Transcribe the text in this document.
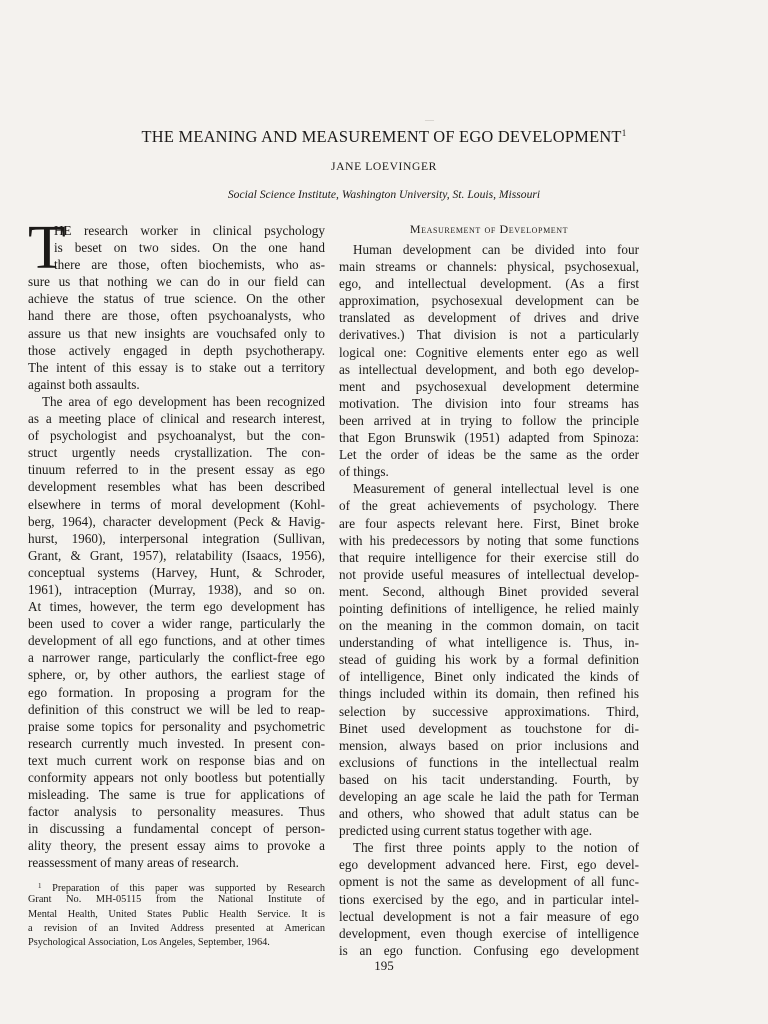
—
THE MEANING AND MEASUREMENT OF EGO DEVELOPMENT$^1$
JANE LOEVINGER
Social Science Institute, Washington University, St. Louis, Missouri
T
HE research worker in clinical psychology
is beset on two sides. On the one hand
there are those, often biochemists, who as-
sure us that nothing we can do in our field can
achieve the status of true science. On the other
hand there are those, often psychoanalysts, who
assure us that new insights are vouchsafed only to
those actively engaged in depth psychotherapy.
The intent of this essay is to stake out a territory
against both assaults.
The area of ego development has been recognized
as a meeting place of clinical and research interest,
of psychologist and psychoanalyst, but the con-
struct urgently needs crystallization. The con-
tinuum referred to in the present essay as ego
development resembles what has been described
elsewhere in terms of moral development (Kohl-
berg, 1964), character development (Peck & Havig-
hurst, 1960), interpersonal integration (Sullivan,
Grant, & Grant, 1957), relatability (Isaacs, 1956),
conceptual systems (Harvey, Hunt, & Schroder,
1961), intraception (Murray, 1938), and so on.
At times, however, the term ego development has
been used to cover a wider range, particularly the
development of all ego functions, and at other times
a narrower range, particularly the conflict-free ego
sphere, or, by other authors, the earliest stage of
ego formation. In proposing a program for the
definition of this construct we will be led to reap-
praise some topics for personality and psychometric
research currently much invested. In present con-
text much current work on response bias and on
conformity appears not only bootless but potentially
misleading. The same is true for applications of
factor analysis to personality measures. Thus
in discussing a fundamental concept of person-
ality theory, the present essay aims to provoke a
reassessment of many areas of research.
Measurement of Development
Human development can be divided into four
main streams or channels: physical, psychosexual,
ego, and intellectual development. (As a first
approximation, psychosexual development can be
translated as development of drives and drive
derivatives.) That division is not a particularly
logical one: Cognitive elements enter ego as well
as intellectual development, and both ego develop-
ment and psychosexual development determine
motivation. The division into four streams has
been arrived at in trying to follow the principle
that Egon Brunswik (1951) adapted from Spinoza:
Let the order of ideas be the same as the order
of things.
Measurement of general intellectual level is one
of the great achievements of psychology. There
are four aspects relevant here. First, Binet broke
with his predecessors by noting that some functions
that require intelligence for their exercise still do
not provide useful measures of intellectual develop-
ment. Second, although Binet provided several
pointing definitions of intelligence, he relied mainly
on the meaning in the common domain, on tacit
understanding of what intelligence is. Thus, in-
stead of guiding his work by a formal definition
of intelligence, Binet only indicated the kinds of
things included within its domain, then refined his
selection by successive approximations. Third,
Binet used development as touchstone for di-
mension, always based on prior inclusions and
exclusions of functions in the intellectual realm
based on his tacit understanding. Fourth, by
developing an age scale he laid the path for Terman
and others, who showed that adult status can be
predicted using current status together with age.
The first three points apply to the notion of
ego development advanced here. First, ego devel-
opment is not the same as development of all func-
tions exercised by the ego, and in particular intel-
lectual development is not a fair measure of ego
development, even though exercise of intelligence
is an ego function. Confusing ego development
$^1$ Preparation of this paper was supported by Research
Grant No. MH-05115 from the National Institute of
Mental Health, United States Public Health Service. It is
a revision of an Invited Address presented at American
Psychological Association, Los Angeles, September, 1964.
195
